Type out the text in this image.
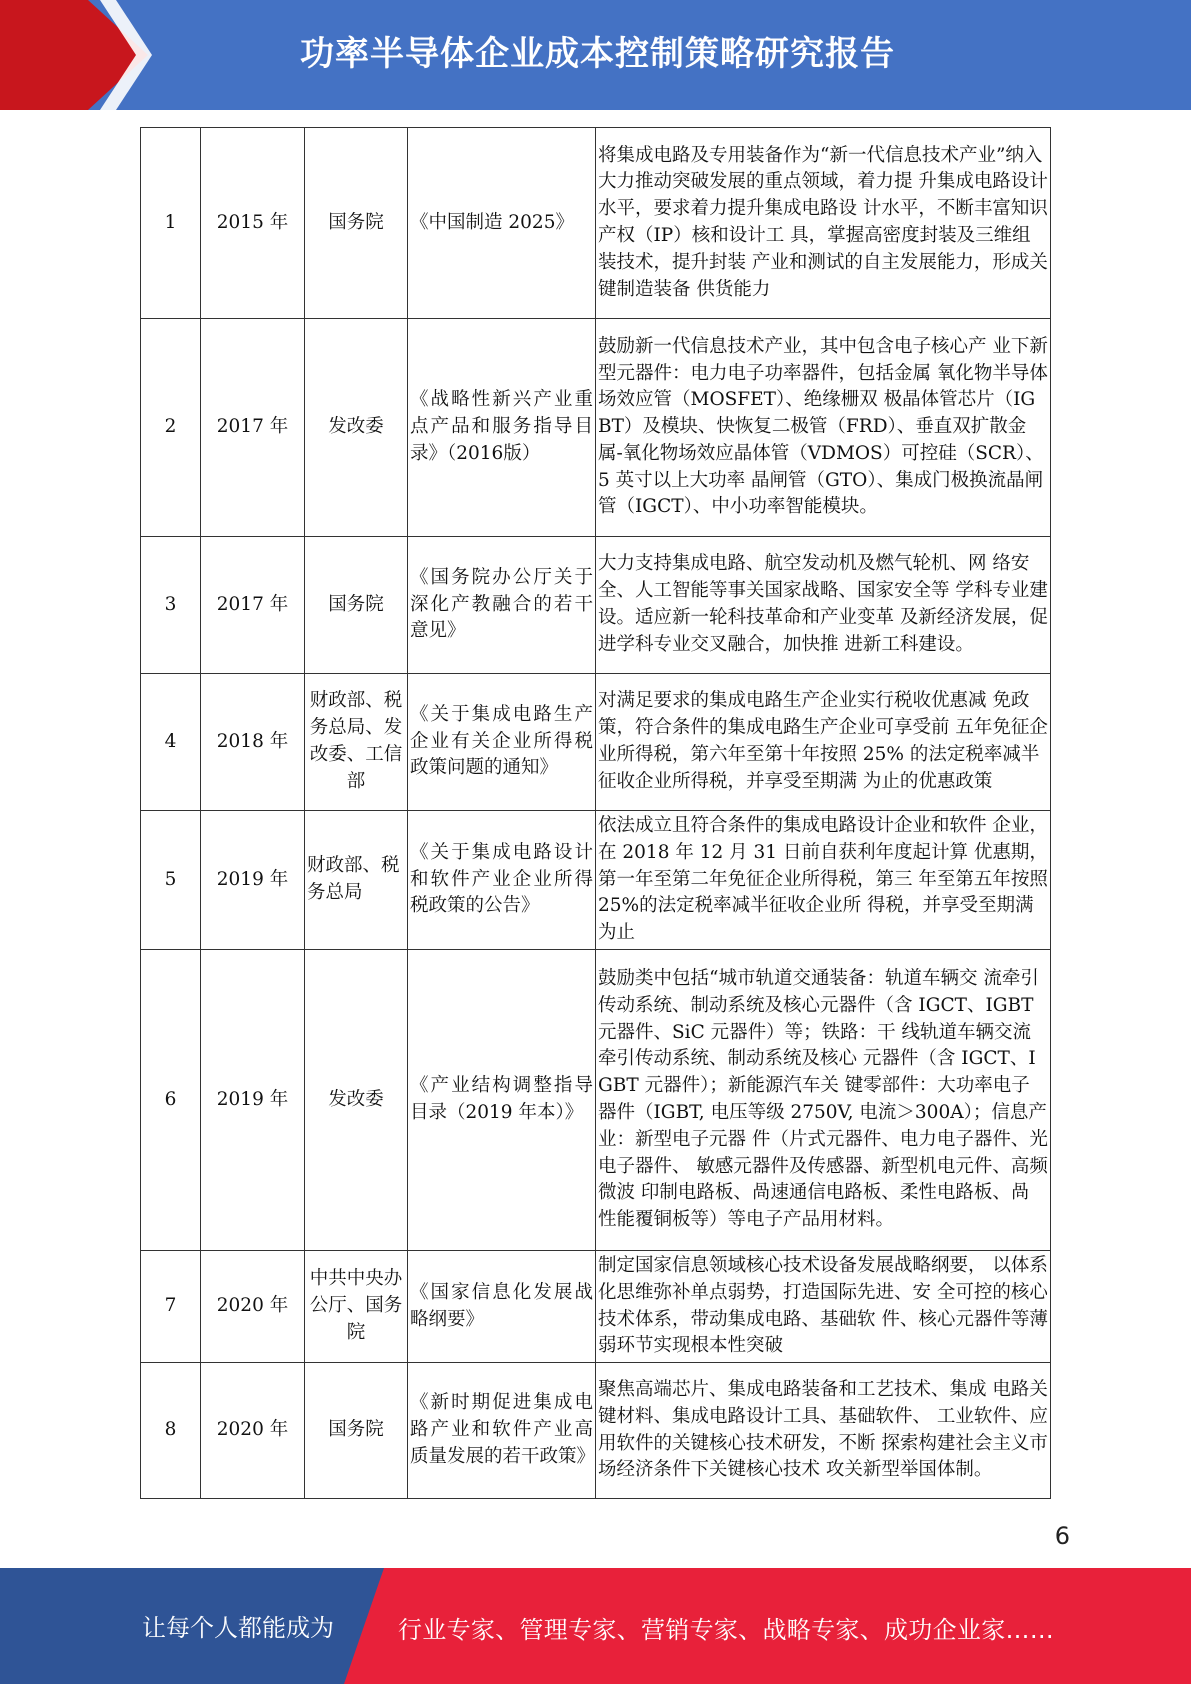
功率半导体企业成本控制策略研究报告
1	2015 年	国务院	《中国制造 2025》	将集成电路及专用装备作为“新一代信息技术产业”纳入大力推动突破发展的重点领域，着力提 升集成电路设计水平，要求着力提升集成电路设 计水平，不断丰富知识产权（IP）核和设计工 具，掌握高密度封装及三维组装技术，提升封装 产业和测试的自主发展能力，形成关键制造装备 供货能力
2	2017 年	发改委	《战略性新兴产业重点产品和服务指导目录》（2016版）	鼓励新一代信息技术产业，其中包含电子核心产 业下新型元器件：电力电子功率器件，包括金属 氧化物半导体场效应管（MOSFET）、绝缘栅双 极晶体管芯片（IGBT）及模块、快恢复二极管（FRD）、垂直双扩散金属-氧化物场效应晶体管（VDMOS）可控硅（SCR）、5 英寸以上大功率 晶闸管（GTO）、集成门极换流晶闸管（IGCT）、中小功率智能模块。
3	2017 年	国务院	《国务院办公厅关于深化产教融合的若干意见》	大力支持集成电路、航空发动机及燃气轮机、网 络安全、人工智能等事关国家战略、国家安全等 学科专业建设。适应新一轮科技革命和产业变革 及新经济发展，促进学科专业交叉融合，加快推 进新工科建设。
4	2018 年	财政部、税务总局、发改委、工信部	《关于集成电路生产企业有关企业所得税政策问题的通知》	对满足要求的集成电路生产企业实行税收优惠减 免政策，符合条件的集成电路生产企业可享受前 五年免征企业所得税，第六年至第十年按照 25% 的法定税率减半征收企业所得税，并享受至期满 为止的优惠政策
5	2019 年	财政部、税务总局	《关于集成电路设计和软件产业企业所得税政策的公告》	依法成立且符合条件的集成电路设计企业和软件 企业，在 2018 年 12 月 31 日前自获利年度起计算 优惠期，第一年至第二年免征企业所得税，第三 年至第五年按照 25%的法定税率减半征收企业所 得税，并享受至期满为止
6	2019 年	发改委	《产业结构调整指导目录（2019 年本）》	鼓励类中包括“城市轨道交通装备：轨道车辆交 流牵引传动系统、制动系统及核心元器件（含 IGCT、IGBT 元器件、SiC 元器件）等；铁路：干 线轨道车辆交流牵引传动系统、制动系统及核心 元器件（含 IGCT、IGBT 元器件）；新能源汽车关 键零部件：大功率电子器件（IGBT, 电压等级 2750V, 电流＞300A）；信息产业：新型电子元器 件（片式元器件、电力电子器件、光电子器件、 敏感元器件及传感器、新型机电元件、高频微波 印制电路板、咼速通信电路板、柔性电路板、咼 性能覆铜板等）等电子产品用材料。
7	2020 年	中共中央办公厅、国务院	《国家信息化发展战略纲要》	制定国家信息领域核心技术设备发展战略纲要， 以体系化思维弥补单点弱势，打造国际先进、安 全可控的核心技术体系，带动集成电路、基础软 件、核心元器件等薄弱环节实现根本性突破
8	2020 年	国务院	《新时期促进集成电路产业和软件产业高质量发展的若干政策》	聚焦高端芯片、集成电路装备和工艺技术、集成 电路关键材料、集成电路设计工具、基础软件、 工业软件、应用软件的关键核心技术研发，不断 探索构建社会主义市场经济条件下关键核心技术 攻关新型举国体制。
6
让每个人都能成为	行业专家、管理专家、营销专家、战略专家、成功企业家……
